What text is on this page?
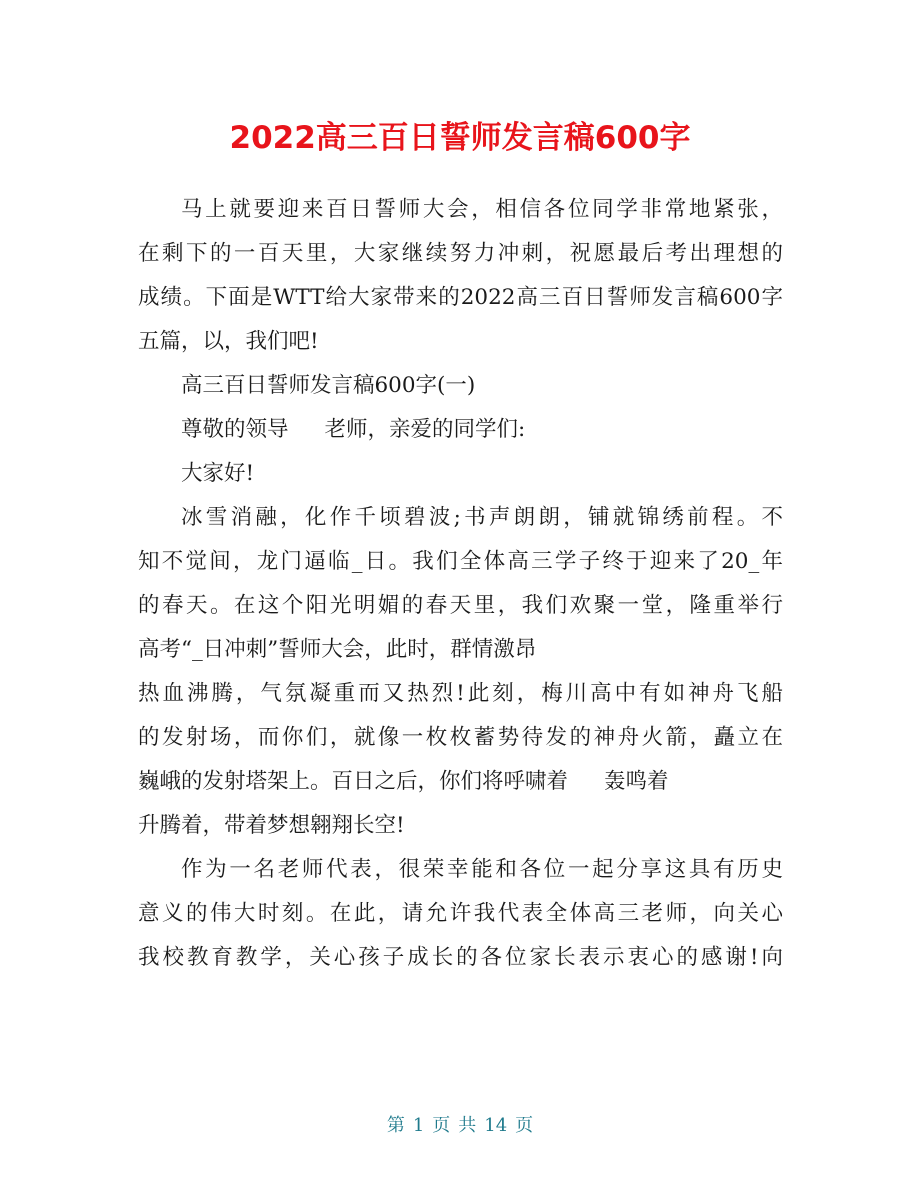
2022高三百日誓师发言稿600字
马上就要迎来百日誓师大会，相信各位同学非常地紧张，
在剩下的一百天里，大家继续努力冲刺，祝愿最后考出理想的
成绩。下面是WTT给大家带来的2022高三百日誓师发言稿600字
五篇，以，我们吧!
高三百日誓师发言稿600字(一)
尊敬的领导 老师，亲爱的同学们:
大家好!
冰雪消融，化作千顷碧波;书声朗朗，铺就锦绣前程。不
知不觉间，龙门逼临_日。我们全体高三学子终于迎来了20_年
的春天。在这个阳光明媚的春天里，我们欢聚一堂，隆重举行
高考“_日冲刺”誓师大会，此时，群情激昂
热血沸腾，气氛凝重而又热烈!此刻，梅川高中有如神舟飞船
的发射场，而你们，就像一枚枚蓄势待发的神舟火箭，矗立在
巍峨的发射塔架上。百日之后，你们将呼啸着 轰鸣着
升腾着，带着梦想翱翔长空!
作为一名老师代表，很荣幸能和各位一起分享这具有历史
意义的伟大时刻。在此，请允许我代表全体高三老师，向关心
我校教育教学，关心孩子成长的各位家长表示衷心的感谢!向
第 1 页 共 14 页
